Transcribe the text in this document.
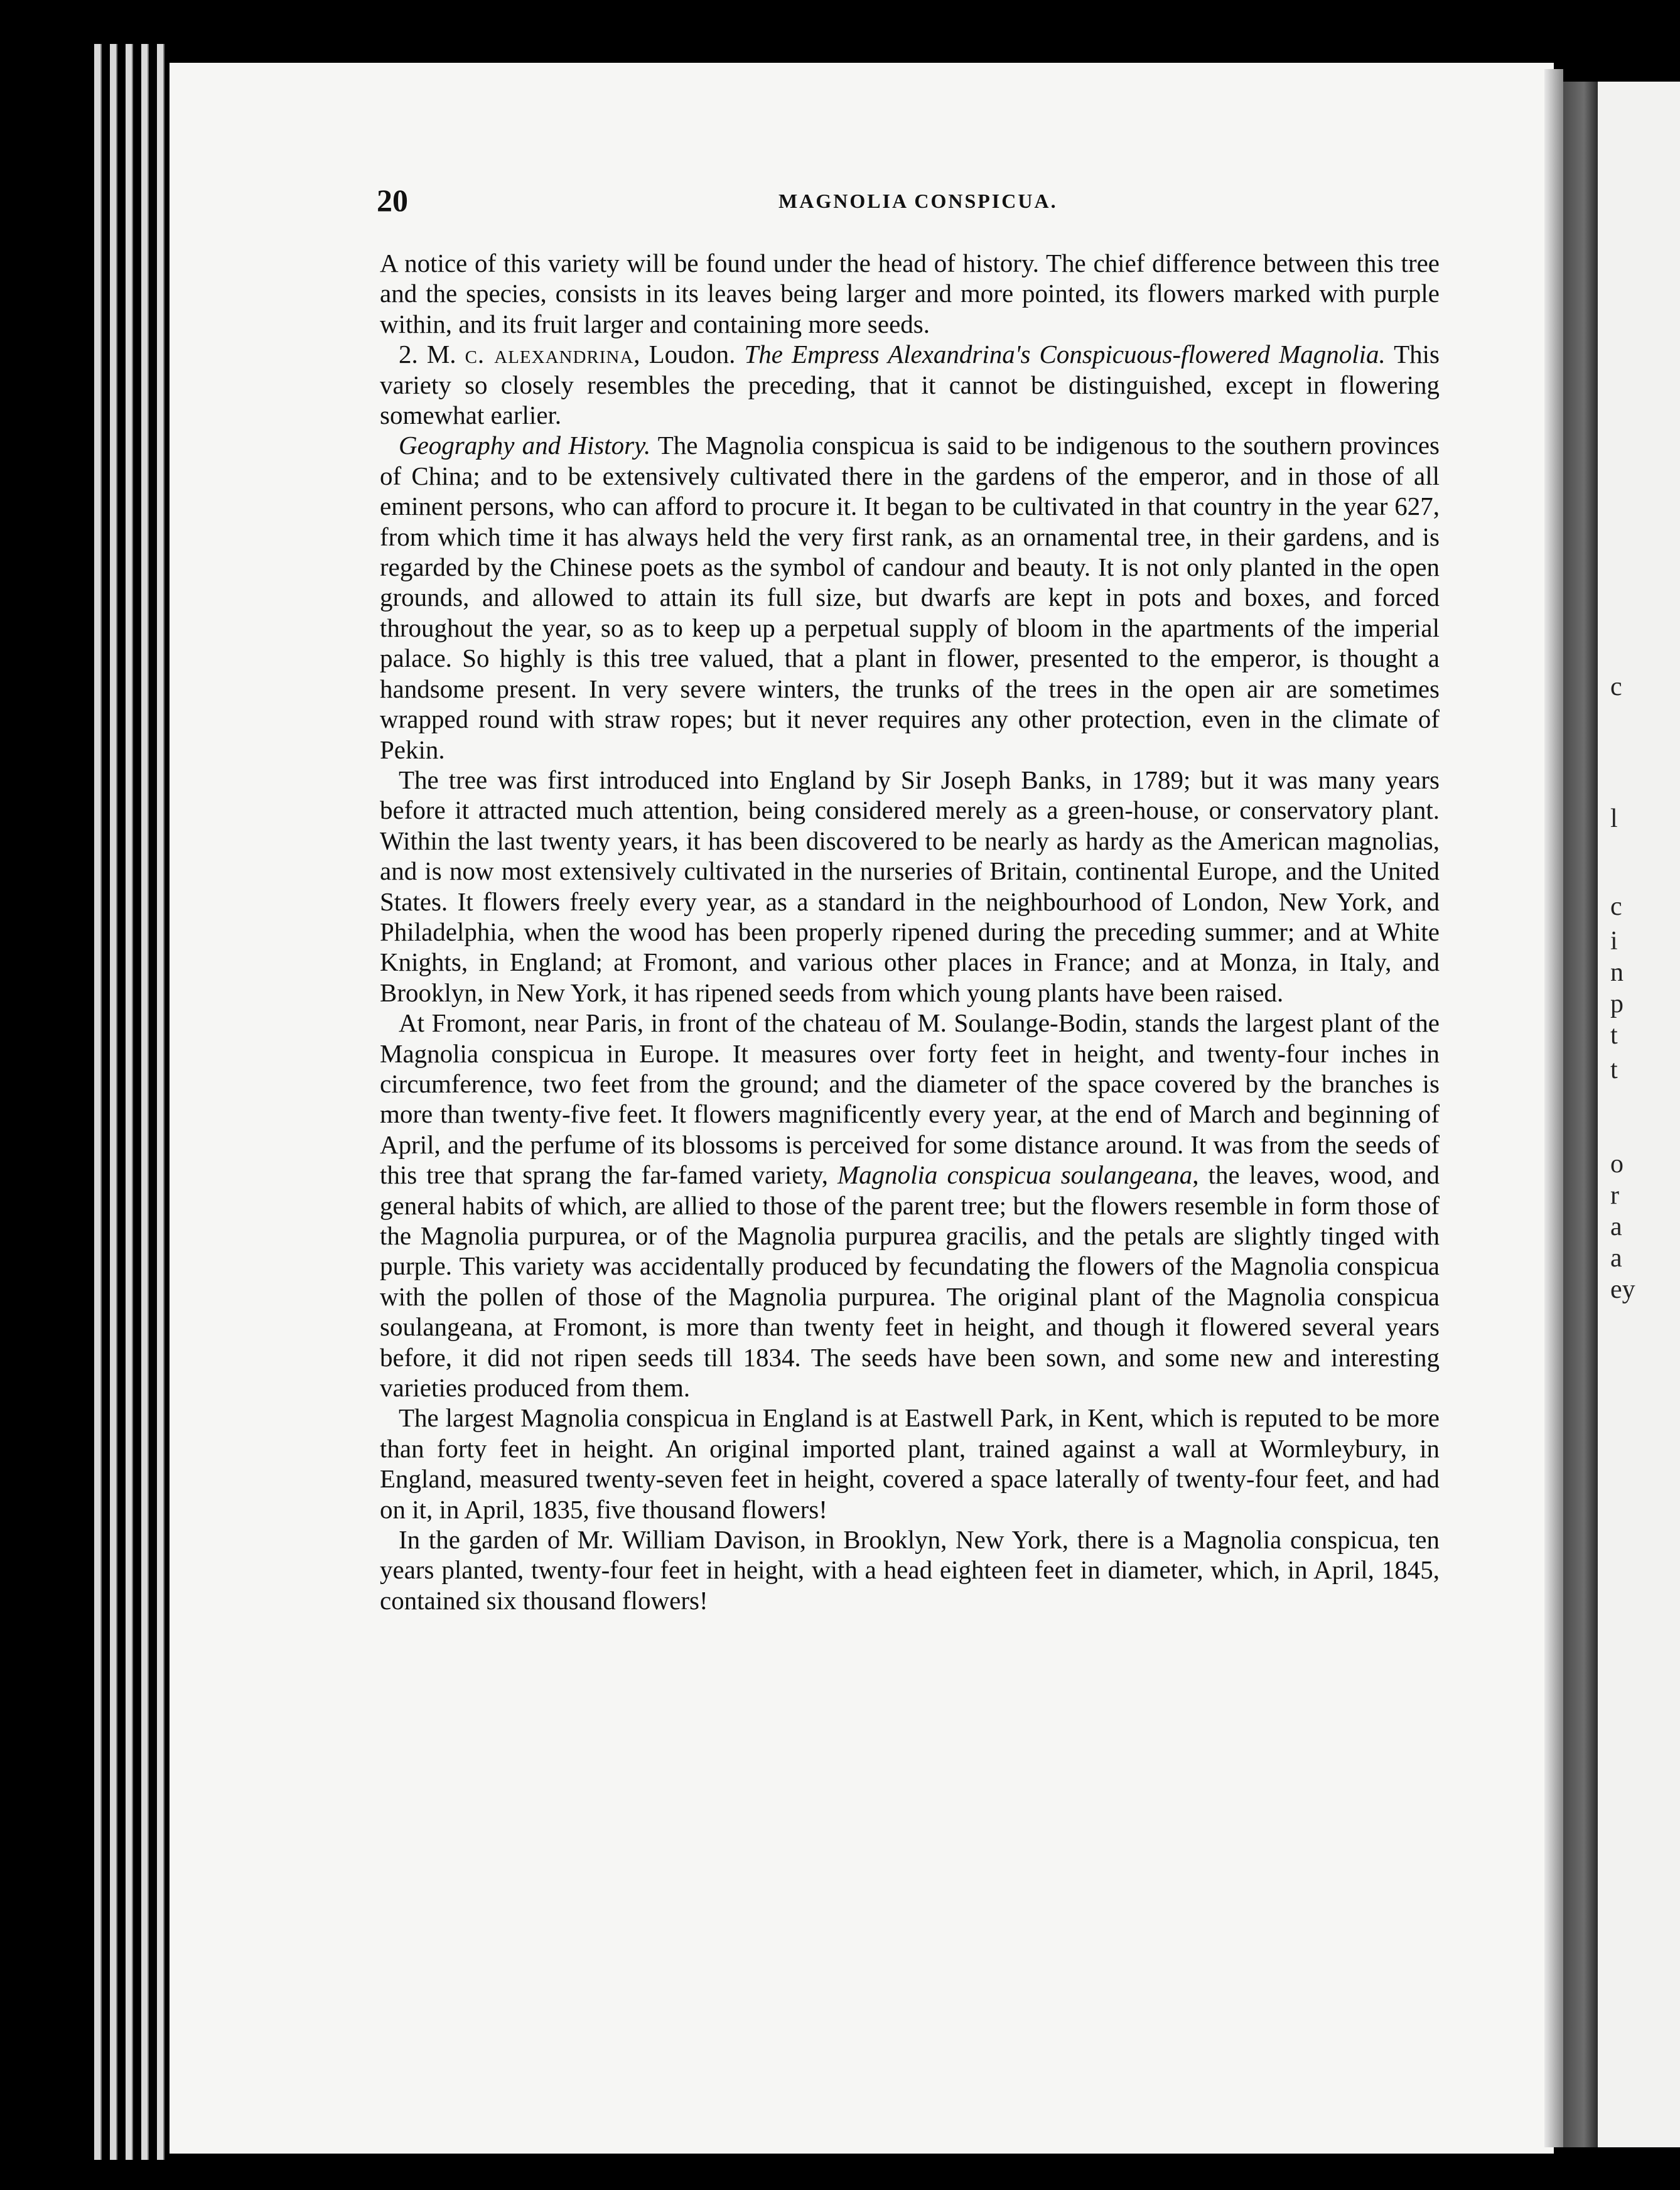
c
l
c
i
n
p
t
t
o
r
a
a
ey
20	MAGNOLIA CONSPICUA.

A notice of this variety will be found under the head of history. The chief difference between this tree and the species, consists in its leaves being larger and more pointed, its flowers marked with purple within, and its fruit larger and containing more seeds.

2. M. c. alexandrina, Loudon. The Empress Alexandrina's Conspicuous-flowered Magnolia. This variety so closely resembles the preceding, that it cannot be distinguished, except in flowering somewhat earlier.

Geography and History. The Magnolia conspicua is said to be indigenous to the southern provinces of China; and to be extensively cultivated there in the gardens of the emperor, and in those of all eminent persons, who can afford to procure it. It began to be cultivated in that country in the year 627, from which time it has always held the very first rank, as an ornamental tree, in their gardens, and is regarded by the Chinese poets as the symbol of candour and beauty. It is not only planted in the open grounds, and allowed to attain its full size, but dwarfs are kept in pots and boxes, and forced throughout the year, so as to keep up a perpetual supply of bloom in the apartments of the imperial palace. So highly is this tree valued, that a plant in flower, presented to the emperor, is thought a handsome present. In very severe winters, the trunks of the trees in the open air are sometimes wrapped round with straw ropes; but it never requires any other protection, even in the climate of Pekin.

The tree was first introduced into England by Sir Joseph Banks, in 1789; but it was many years before it attracted much attention, being considered merely as a green-house, or conservatory plant. Within the last twenty years, it has been discovered to be nearly as hardy as the American magnolias, and is now most extensively cultivated in the nurseries of Britain, continental Europe, and the United States. It flowers freely every year, as a standard in the neighbourhood of London, New York, and Philadelphia, when the wood has been properly ripened during the preceding summer; and at White Knights, in England; at Fromont, and various other places in France; and at Monza, in Italy, and Brooklyn, in New York, it has ripened seeds from which young plants have been raised.

At Fromont, near Paris, in front of the chateau of M. Soulange-Bodin, stands the largest plant of the Magnolia conspicua in Europe. It measures over forty feet in height, and twenty-four inches in circumference, two feet from the ground; and the diameter of the space covered by the branches is more than twenty-five feet. It flowers magnificently every year, at the end of March and beginning of April, and the perfume of its blossoms is perceived for some distance around. It was from the seeds of this tree that sprang the far-famed variety, Magnolia conspicua soulangeana, the leaves, wood, and general habits of which, are allied to those of the parent tree; but the flowers resemble in form those of the Magnolia purpurea, or of the Magnolia purpurea gracilis, and the petals are slightly tinged with purple. This variety was accidentally produced by fecundating the flowers of the Magnolia conspicua with the pollen of those of the Magnolia purpurea. The original plant of the Magnolia conspicua soulangeana, at Fromont, is more than twenty feet in height, and though it flowered several years before, it did not ripen seeds till 1834. The seeds have been sown, and some new and interesting varieties produced from them.

The largest Magnolia conspicua in England is at Eastwell Park, in Kent, which is reputed to be more than forty feet in height. An original imported plant, trained against a wall at Wormleybury, in England, measured twenty-seven feet in height, covered a space laterally of twenty-four feet, and had on it, in April, 1835, five thousand flowers!

In the garden of Mr. William Davison, in Brooklyn, New York, there is a Magnolia conspicua, ten years planted, twenty-four feet in height, with a head eighteen feet in diameter, which, in April, 1845, contained six thousand flowers!
